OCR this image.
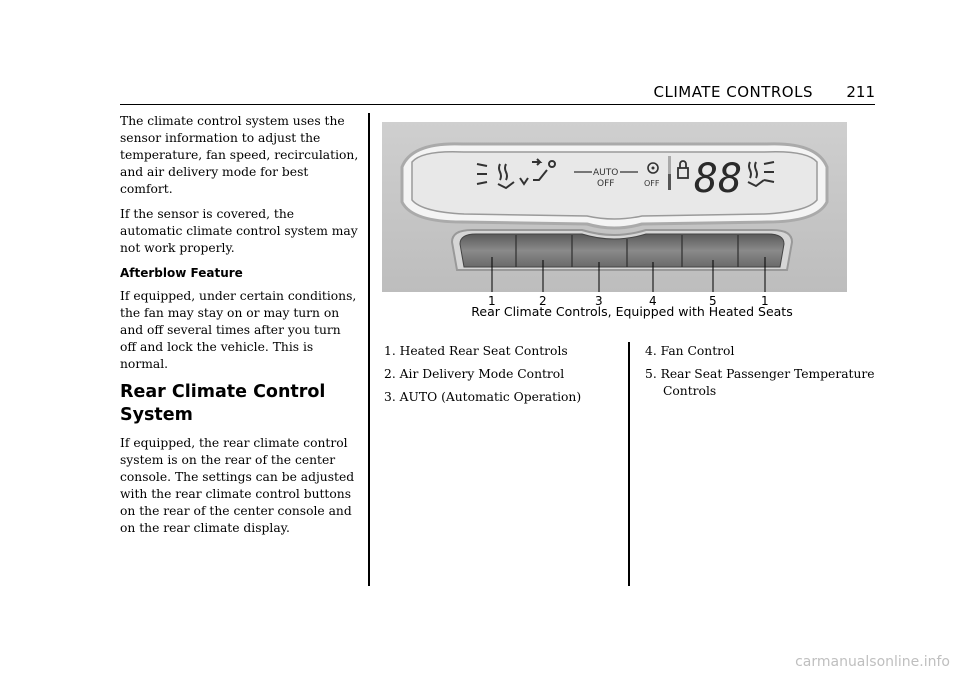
CLIMATE CONTROLS 211

The climate control system uses the sensor information to adjust the temperature, fan speed, recirculation, and air delivery mode for best comfort.

If the sensor is covered, the automatic climate control system may not work properly.

Afterblow Feature

If equipped, under certain conditions, the fan may stay on or may turn on and off several times after you turn off and lock the vehicle. This is normal.

Rear Climate Control System

If equipped, the rear climate control system is on the rear of the center console. The settings can be adjusted with the rear climate control buttons on the rear of the center console and on the rear climate display.

AUTO
OFF	OFF 88
1	2	3	4	5	1
Rear Climate Controls, Equipped with Heated Seats
1. Heated Rear Seat Controls
2. Air Delivery Mode Control
3. AUTO (Automatic Operation)
4. Fan Control
5. Rear Seat Passenger Temperature Controls
carmanualsonline.info
